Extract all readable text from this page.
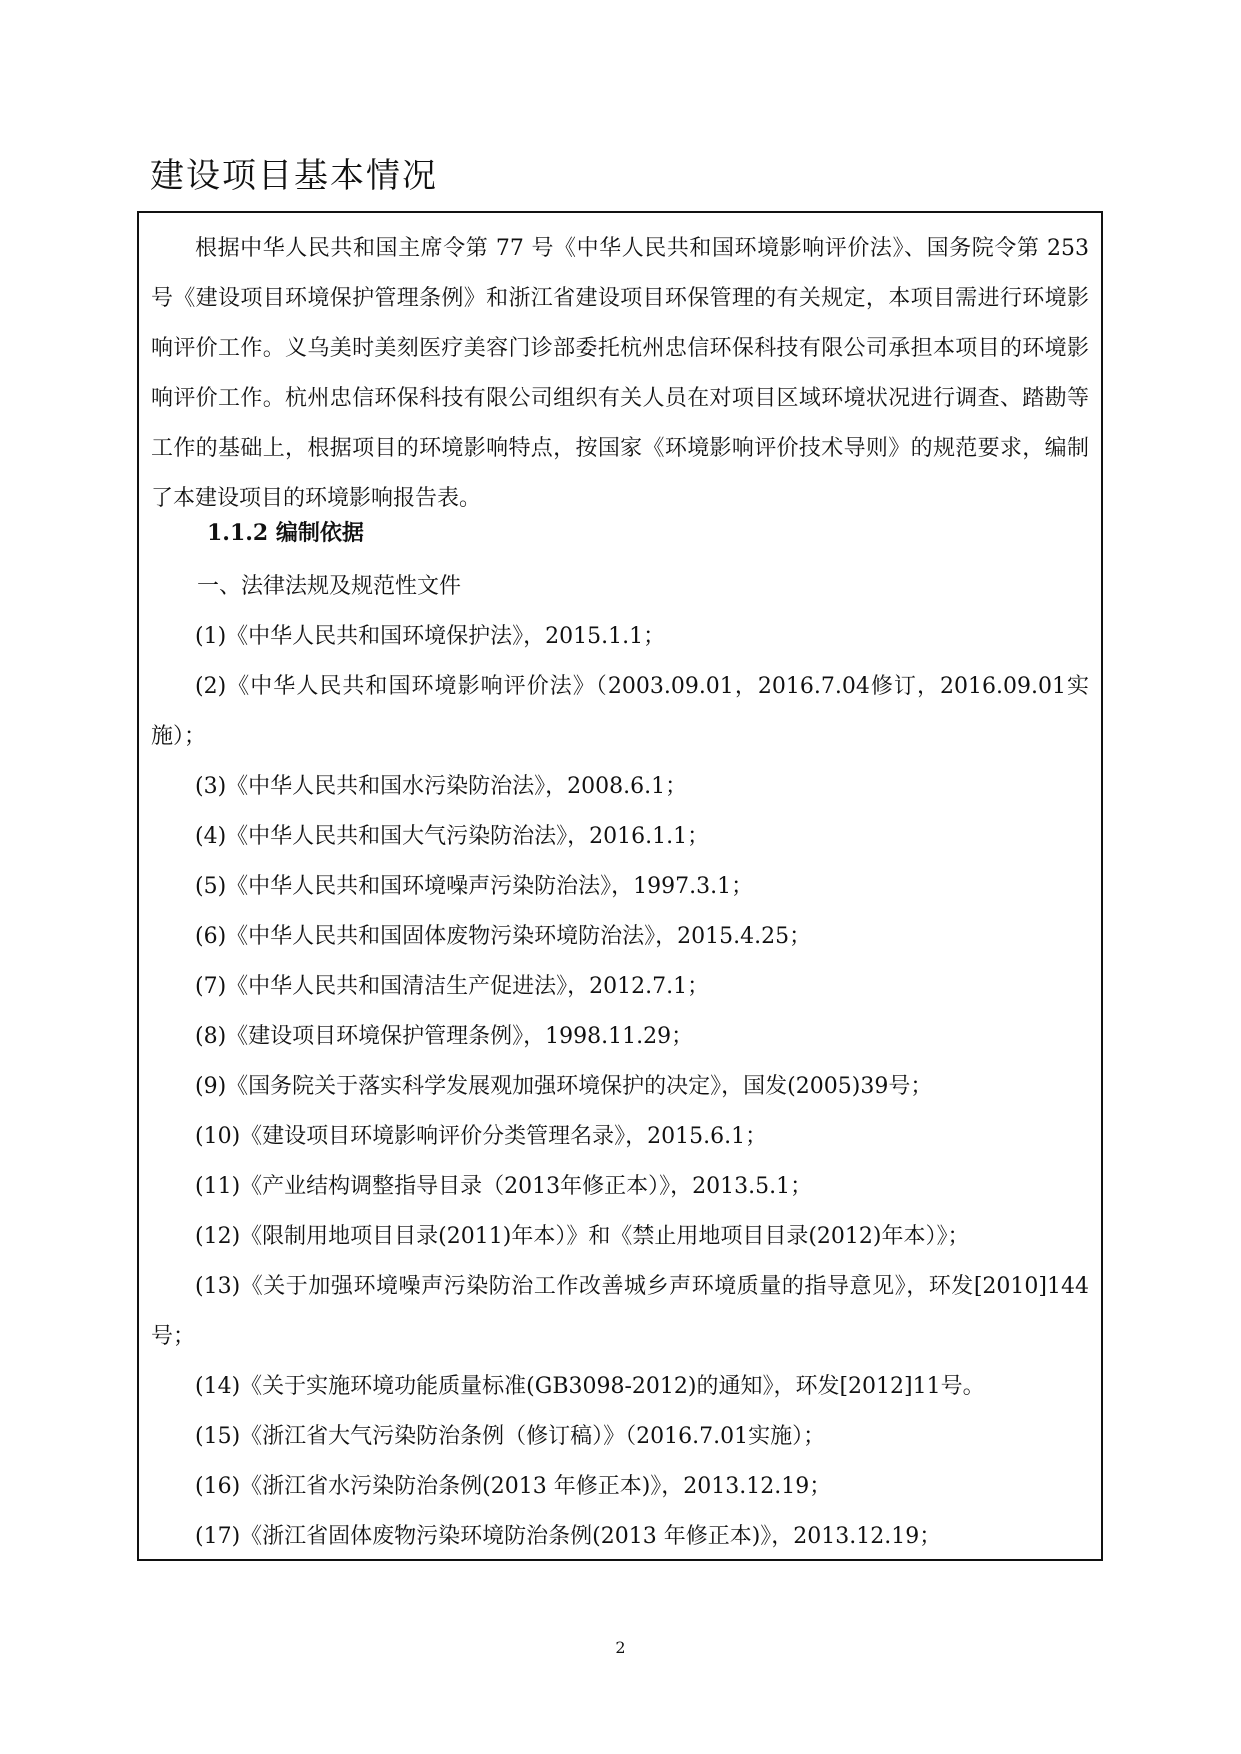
建设项目基本情况

根据中华人民共和国主席令第 77 号《中华人民共和国环境影响评价法》、国务院令第 253 号《建设项目环境保护管理条例》和浙江省建设项目环保管理的有关规定，本项目需进行环境影响评价工作。义乌美时美刻医疗美容门诊部委托杭州忠信环保科技有限公司承担本项目的环境影响评价工作。杭州忠信环保科技有限公司组织有关人员在对项目区域环境状况进行调查、踏勘等工作的基础上，根据项目的环境影响特点，按国家《环境影响评价技术导则》的规范要求，编制了本建设项目的环境影响报告表。

1.1.2 编制依据

一、法律法规及规范性文件

(1)《中华人民共和国环境保护法》，2015.1.1；
(2)《中华人民共和国环境影响评价法》（2003.09.01，2016.7.04修订，2016.09.01实施）；
(3)《中华人民共和国水污染防治法》，2008.6.1；
(4)《中华人民共和国大气污染防治法》，2016.1.1；
(5)《中华人民共和国环境噪声污染防治法》，1997.3.1；
(6)《中华人民共和国固体废物污染环境防治法》，2015.4.25；
(7)《中华人民共和国清洁生产促进法》，2012.7.1；
(8)《建设项目环境保护管理条例》，1998.11.29；
(9)《国务院关于落实科学发展观加强环境保护的决定》，国发(2005)39号；
(10)《建设项目环境影响评价分类管理名录》，2015.6.1；
(11)《产业结构调整指导目录（2013年修正本）》，2013.5.1；
(12)《限制用地项目目录(2011)年本）》和《禁止用地项目目录(2012)年本）》；
(13)《关于加强环境噪声污染防治工作改善城乡声环境质量的指导意见》，环发[2010]144号；
(14)《关于实施环境功能质量标准(GB3098-2012)的通知》，环发[2012]11号。
(15)《浙江省大气污染防治条例（修订稿）》（2016.7.01实施）；
(16)《浙江省水污染防治条例(2013 年修正本)》，2013.12.19；
(17)《浙江省固体废物污染环境防治条例(2013 年修正本)》，2013.12.19；

2
